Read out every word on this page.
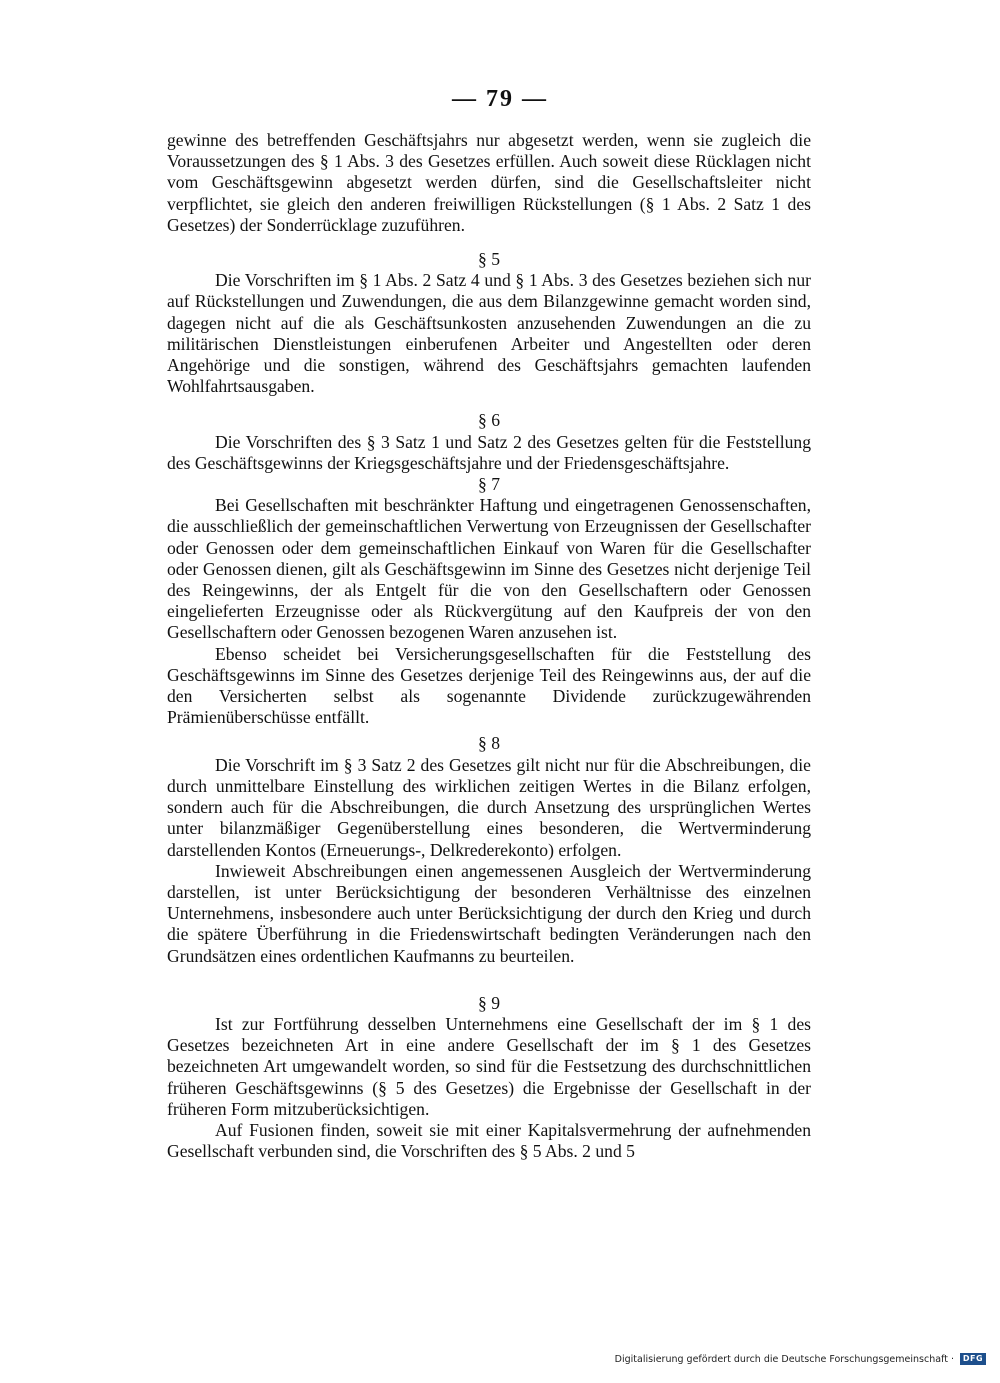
— 79 —

gewinne des betreffenden Geschäftsjahrs nur abgesetzt werden, wenn sie zugleich die Voraussetzungen des § 1 Abs. 3 des Gesetzes erfüllen. Auch soweit diese Rücklagen nicht vom Geschäftsgewinn abgesetzt werden dürfen, sind die Gesellschaftsleiter nicht verpflichtet, sie gleich den anderen freiwilligen Rückstellungen (§ 1 Abs. 2 Satz 1 des Gesetzes) der Sonderrücklage zuzuführen.

§ 5

Die Vorschriften im § 1 Abs. 2 Satz 4 und § 1 Abs. 3 des Gesetzes beziehen sich nur auf Rückstellungen und Zuwendungen, die aus dem Bilanzgewinne gemacht worden sind, dagegen nicht auf die als Geschäftsunkosten anzusehenden Zuwendungen an die zu militärischen Dienstleistungen einberufenen Arbeiter und Angestellten oder deren Angehörige und die sonstigen, während des Geschäftsjahrs gemachten laufenden Wohlfahrtsausgaben.

§ 6

Die Vorschriften des § 3 Satz 1 und Satz 2 des Gesetzes gelten für die Feststellung des Geschäftsgewinns der Kriegsgeschäftsjahre und der Friedensgeschäftsjahre.

§ 7

Bei Gesellschaften mit beschränkter Haftung und eingetragenen Genossenschaften, die ausschließlich der gemeinschaftlichen Verwertung von Erzeugnissen der Gesellschafter oder Genossen oder dem gemeinschaftlichen Einkauf von Waren für die Gesellschafter oder Genossen dienen, gilt als Geschäftsgewinn im Sinne des Gesetzes nicht derjenige Teil des Reingewinns, der als Entgelt für die von den Gesellschaftern oder Genossen eingelieferten Erzeugnisse oder als Rückvergütung auf den Kaufpreis der von den Gesellschaftern oder Genossen bezogenen Waren anzusehen ist.

Ebenso scheidet bei Versicherungsgesellschaften für die Feststellung des Geschäftsgewinns im Sinne des Gesetzes derjenige Teil des Reingewinns aus, der auf die den Versicherten selbst als sogenannte Dividende zurückzugewährenden Prämienüberschüsse entfällt.

§ 8

Die Vorschrift im § 3 Satz 2 des Gesetzes gilt nicht nur für die Abschreibungen, die durch unmittelbare Einstellung des wirklichen zeitigen Wertes in die Bilanz erfolgen, sondern auch für die Abschreibungen, die durch Ansetzung des ursprünglichen Wertes unter bilanzmäßiger Gegenüberstellung eines besonderen, die Wertverminderung darstellenden Kontos (Erneuerungs-, Delkrederekonto) erfolgen.

Inwieweit Abschreibungen einen angemessenen Ausgleich der Wertverminderung darstellen, ist unter Berücksichtigung der besonderen Verhältnisse des einzelnen Unternehmens, insbesondere auch unter Berücksichtigung der durch den Krieg und durch die spätere Überführung in die Friedenswirtschaft bedingten Veränderungen nach den Grundsätzen eines ordentlichen Kaufmanns zu beurteilen.

§ 9

Ist zur Fortführung desselben Unternehmens eine Gesellschaft der im § 1 des Gesetzes bezeichneten Art in eine andere Gesellschaft der im § 1 des Gesetzes bezeichneten Art umgewandelt worden, so sind für die Festsetzung des durchschnittlichen früheren Geschäftsgewinns (§ 5 des Gesetzes) die Ergebnisse der Gesellschaft in der früheren Form mitzuberücksichtigen.

Auf Fusionen finden, soweit sie mit einer Kapitalsvermehrung der aufnehmenden Gesellschaft verbunden sind, die Vorschriften des § 5 Abs. 2 und 5

Digitalisierung gefördert durch die Deutsche Forschungsgemeinschaft ·	DFG
